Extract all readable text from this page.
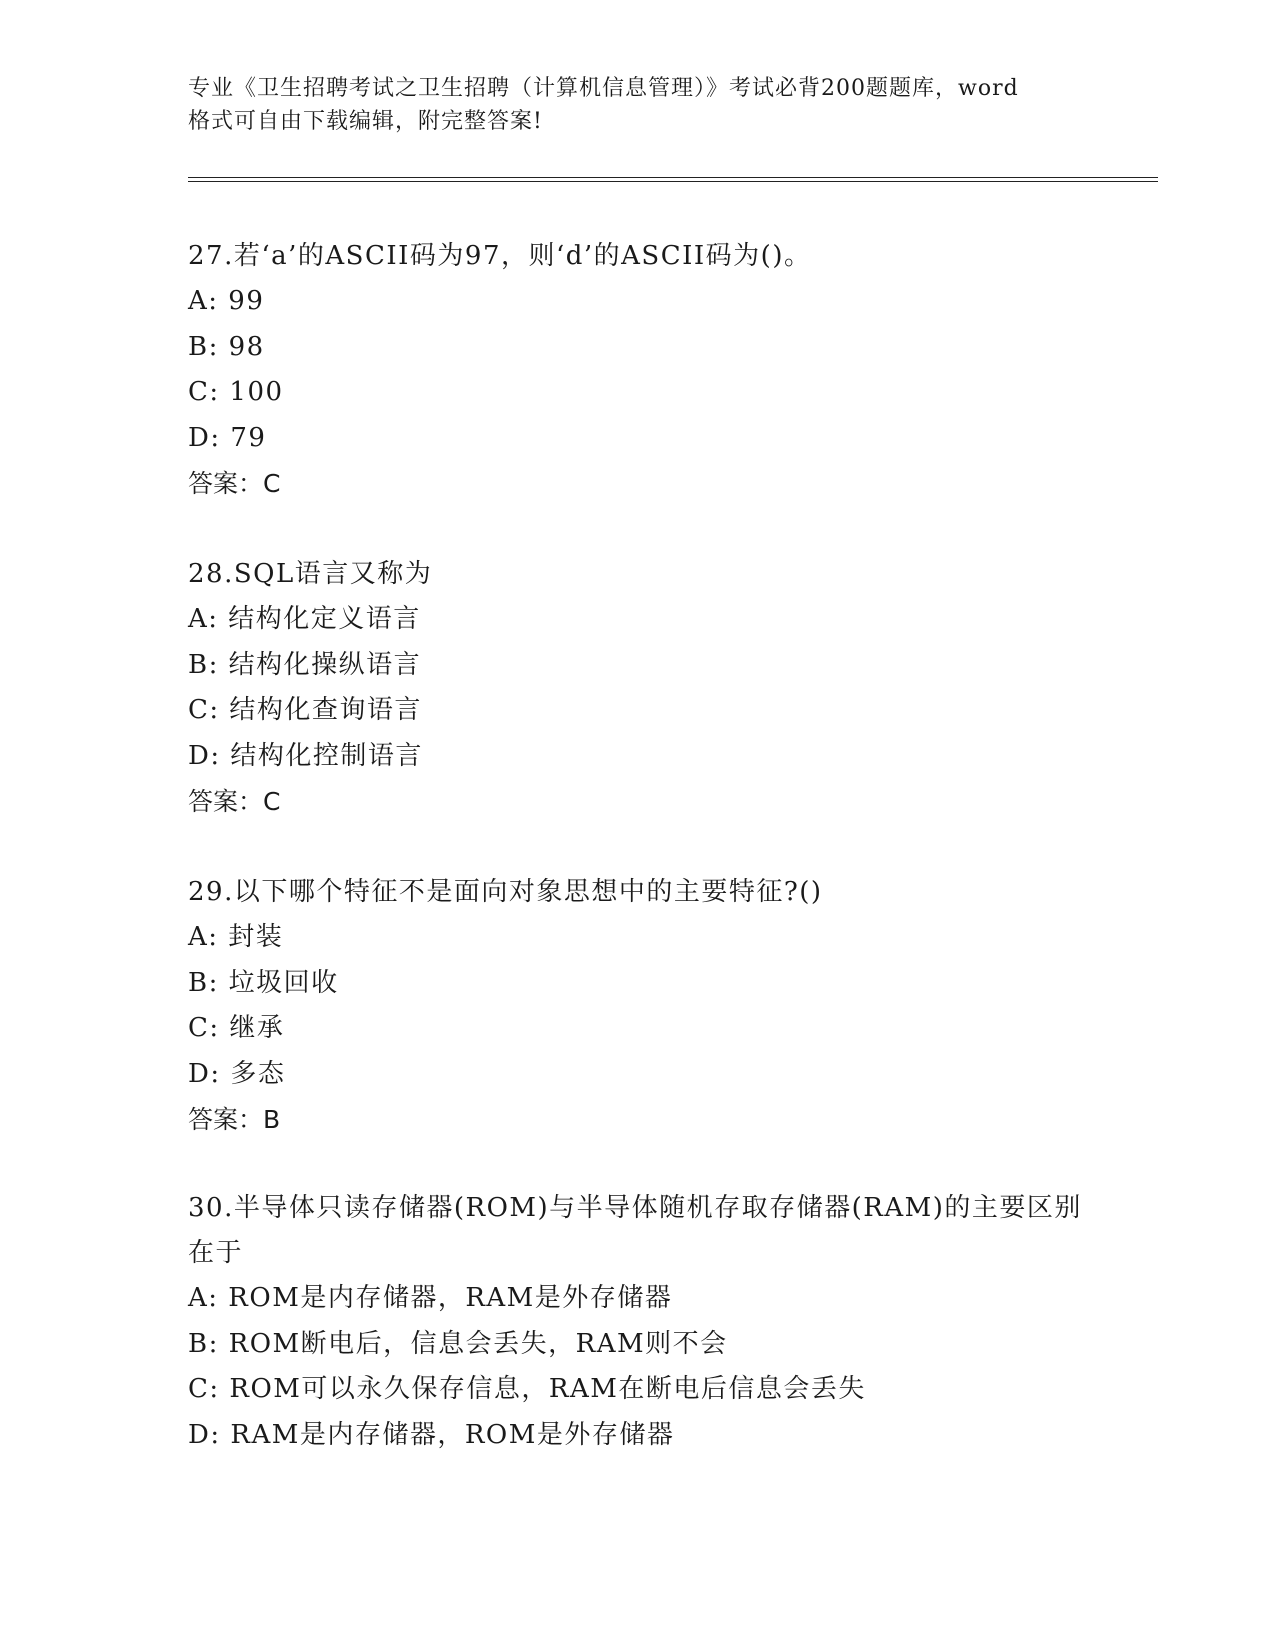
专业《卫生招聘考试之卫生招聘（计算机信息管理）》考试必背200题题库，word
格式可自由下载编辑，附完整答案!

27.若‘a’的ASCII码为97，则‘d’的ASCII码为()。

A: 99

B: 98

C: 100

D: 79

答案：C

28.SQL语言又称为

A: 结构化定义语言

B: 结构化操纵语言

C: 结构化查询语言

D: 结构化控制语言

答案：C

29.以下哪个特征不是面向对象思想中的主要特征?()

A: 封装

B: 垃圾回收

C: 继承

D: 多态

答案：B

30.半导体只读存储器(ROM)与半导体随机存取存储器(RAM)的主要区别

在于

A: ROM是内存储器，RAM是外存储器

B: ROM断电后，信息会丢失，RAM则不会

C: ROM可以永久保存信息，RAM在断电后信息会丢失

D: RAM是内存储器，ROM是外存储器
